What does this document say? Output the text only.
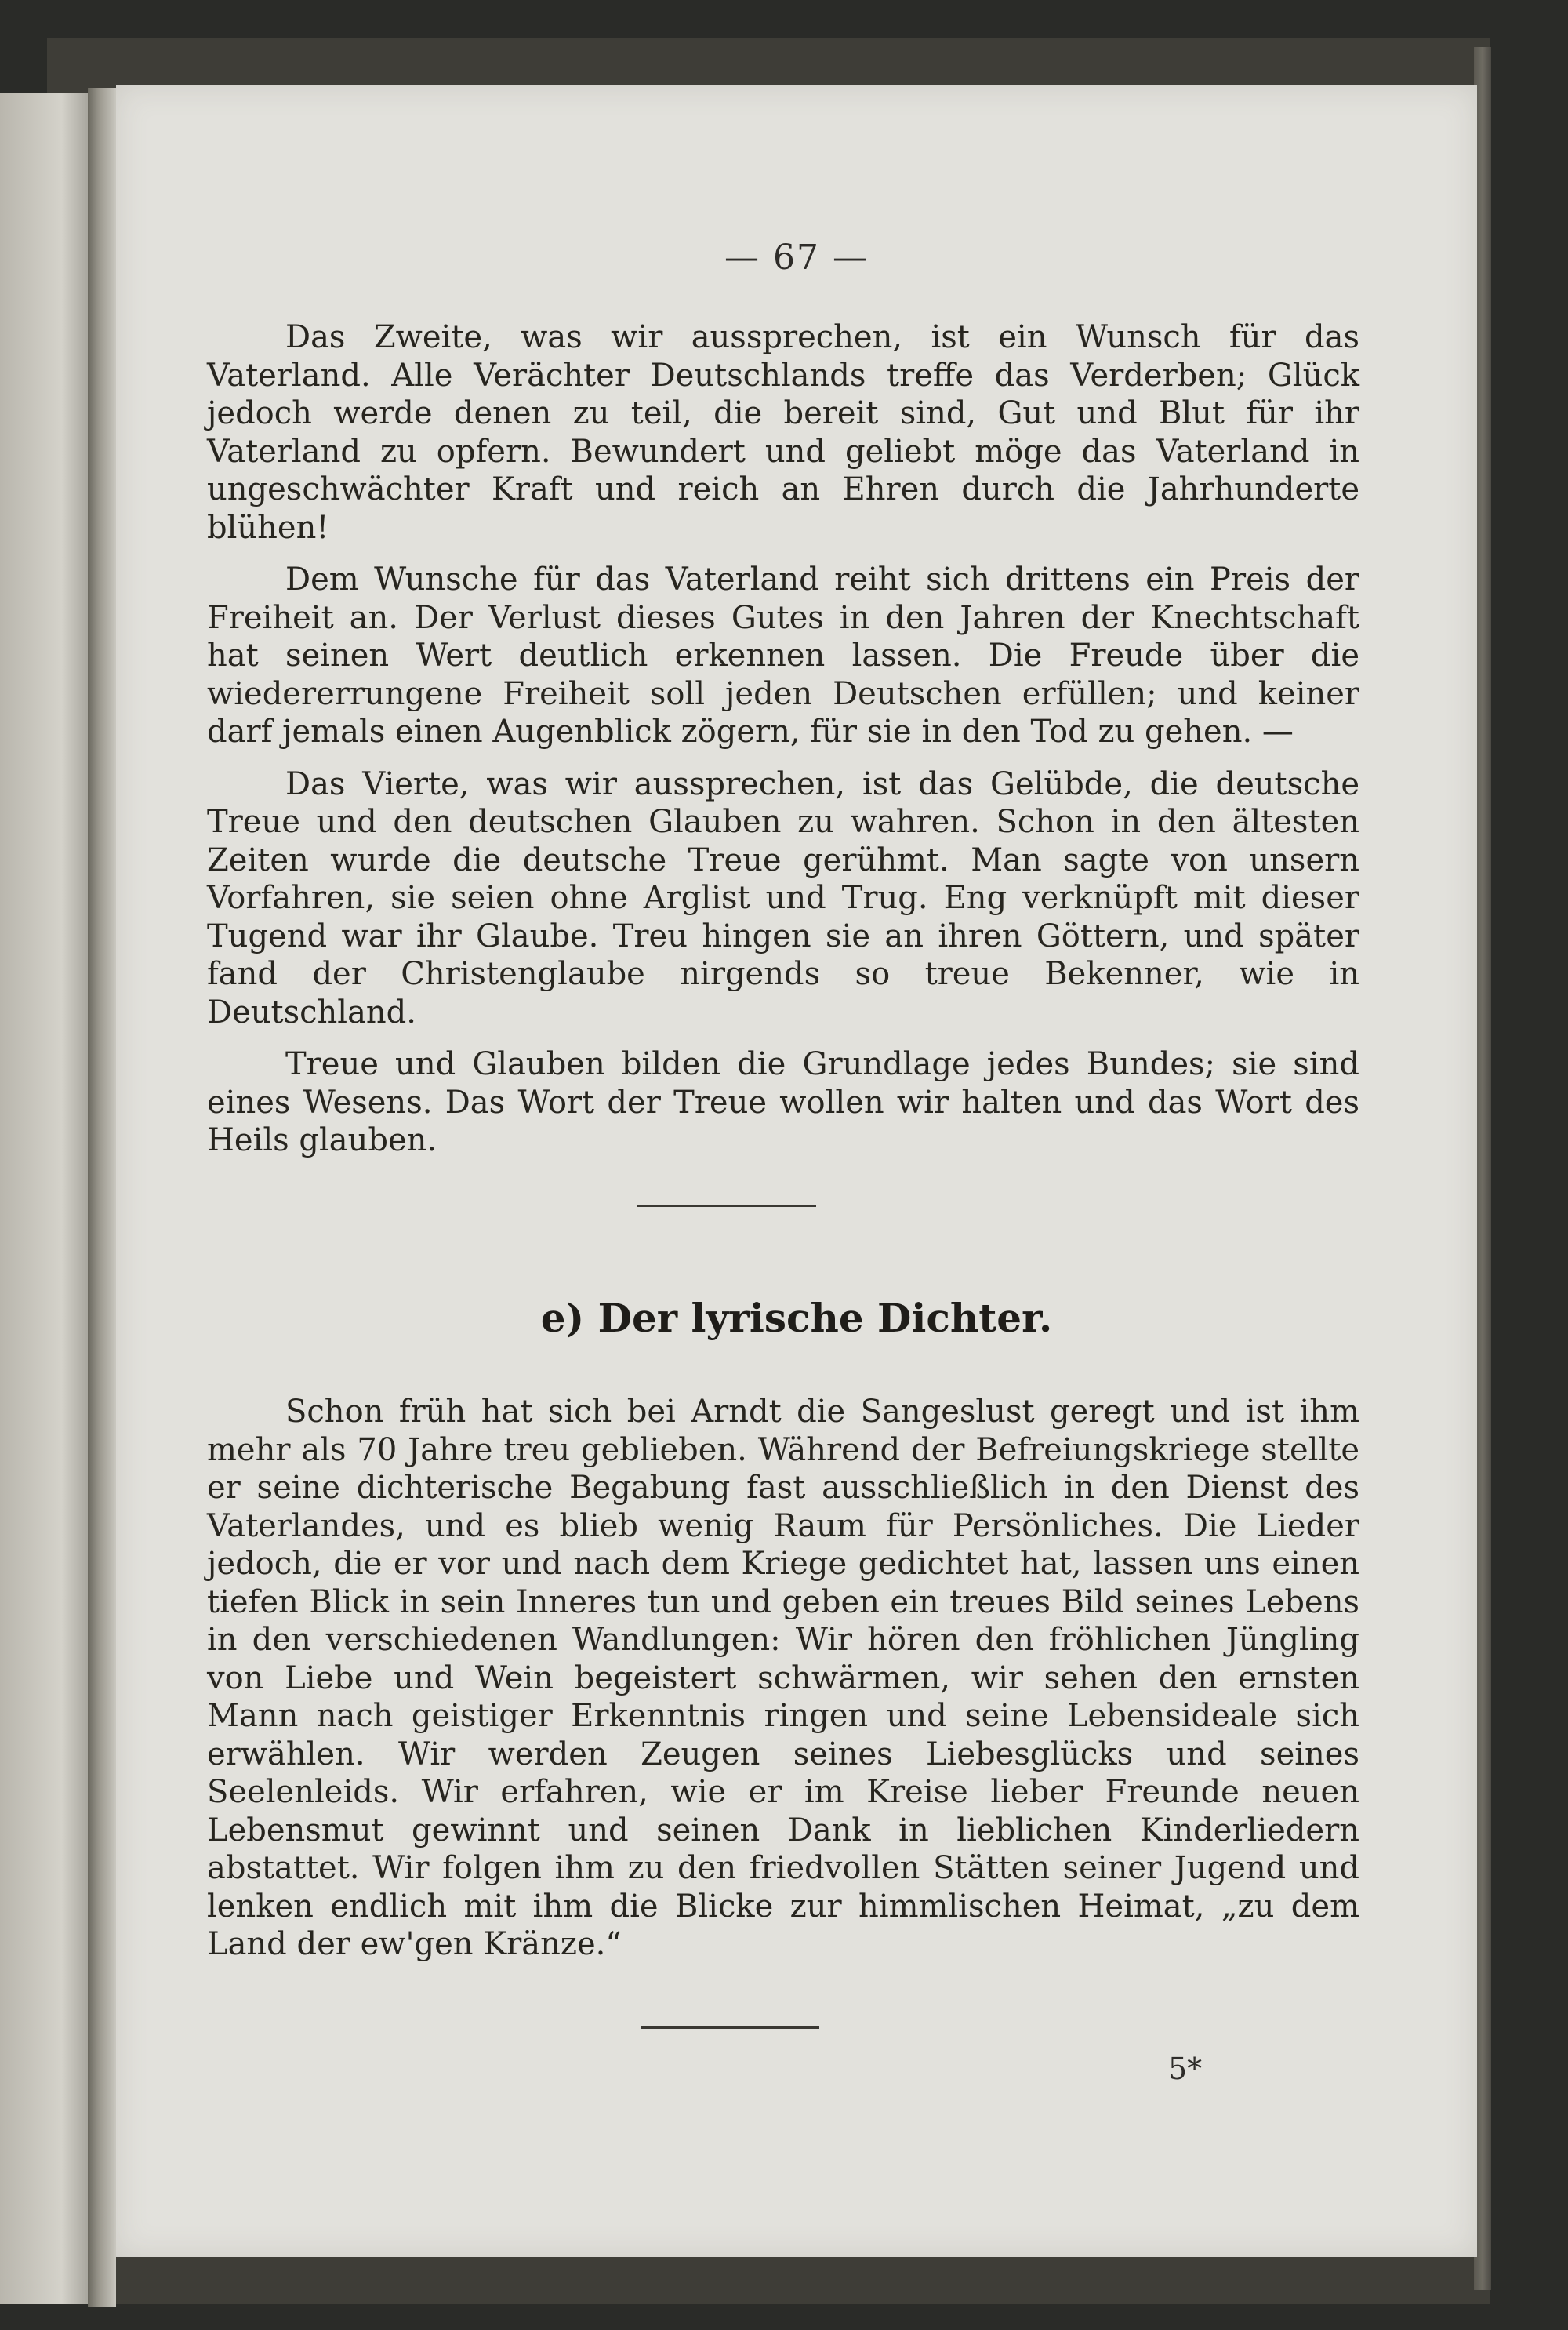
— 67 —

Das Zweite, was wir aussprechen, ist ein Wunsch für das Vaterland. Alle Verächter Deutschlands treffe das Verderben; Glück jedoch werde denen zu teil, die bereit sind, Gut und Blut für ihr Vaterland zu opfern. Bewundert und geliebt möge das Vaterland in ungeschwächter Kraft und reich an Ehren durch die Jahrhunderte blühen!

Dem Wunsche für das Vaterland reiht sich drittens ein Preis der Freiheit an. Der Verlust dieses Gutes in den Jahren der Knechtschaft hat seinen Wert deutlich erkennen lassen. Die Freude über die wiedererrungene Freiheit soll jeden Deutschen erfüllen; und keiner darf jemals einen Augenblick zögern, für sie in den Tod zu gehen. —

Das Vierte, was wir aussprechen, ist das Gelübde, die deutsche Treue und den deutschen Glauben zu wahren. Schon in den ältesten Zeiten wurde die deutsche Treue gerühmt. Man sagte von unsern Vorfahren, sie seien ohne Arglist und Trug. Eng verknüpft mit dieser Tugend war ihr Glaube. Treu hingen sie an ihren Göttern, und später fand der Christenglaube nirgends so treue Bekenner, wie in Deutschland.

Treue und Glauben bilden die Grundlage jedes Bundes; sie sind eines Wesens. Das Wort der Treue wollen wir halten und das Wort des Heils glauben.

e) Der lyrische Dichter.

Schon früh hat sich bei Arndt die Sangeslust geregt und ist ihm mehr als 70 Jahre treu geblieben. Während der Befreiungskriege stellte er seine dichterische Begabung fast ausschließlich in den Dienst des Vaterlandes, und es blieb wenig Raum für Persönliches. Die Lieder jedoch, die er vor und nach dem Kriege gedichtet hat, lassen uns einen tiefen Blick in sein Inneres tun und geben ein treues Bild seines Lebens in den verschiedenen Wandlungen: Wir hören den fröhlichen Jüngling von Liebe und Wein begeistert schwärmen, wir sehen den ernsten Mann nach geistiger Erkenntnis ringen und seine Lebensideale sich erwählen. Wir werden Zeugen seines Liebesglücks und seines Seelenleids. Wir erfahren, wie er im Kreise lieber Freunde neuen Lebensmut gewinnt und seinen Dank in lieblichen Kinderliedern abstattet. Wir folgen ihm zu den friedvollen Stätten seiner Jugend und lenken endlich mit ihm die Blicke zur himmlischen Heimat, „zu dem Land der ew'gen Kränze.“

5*
